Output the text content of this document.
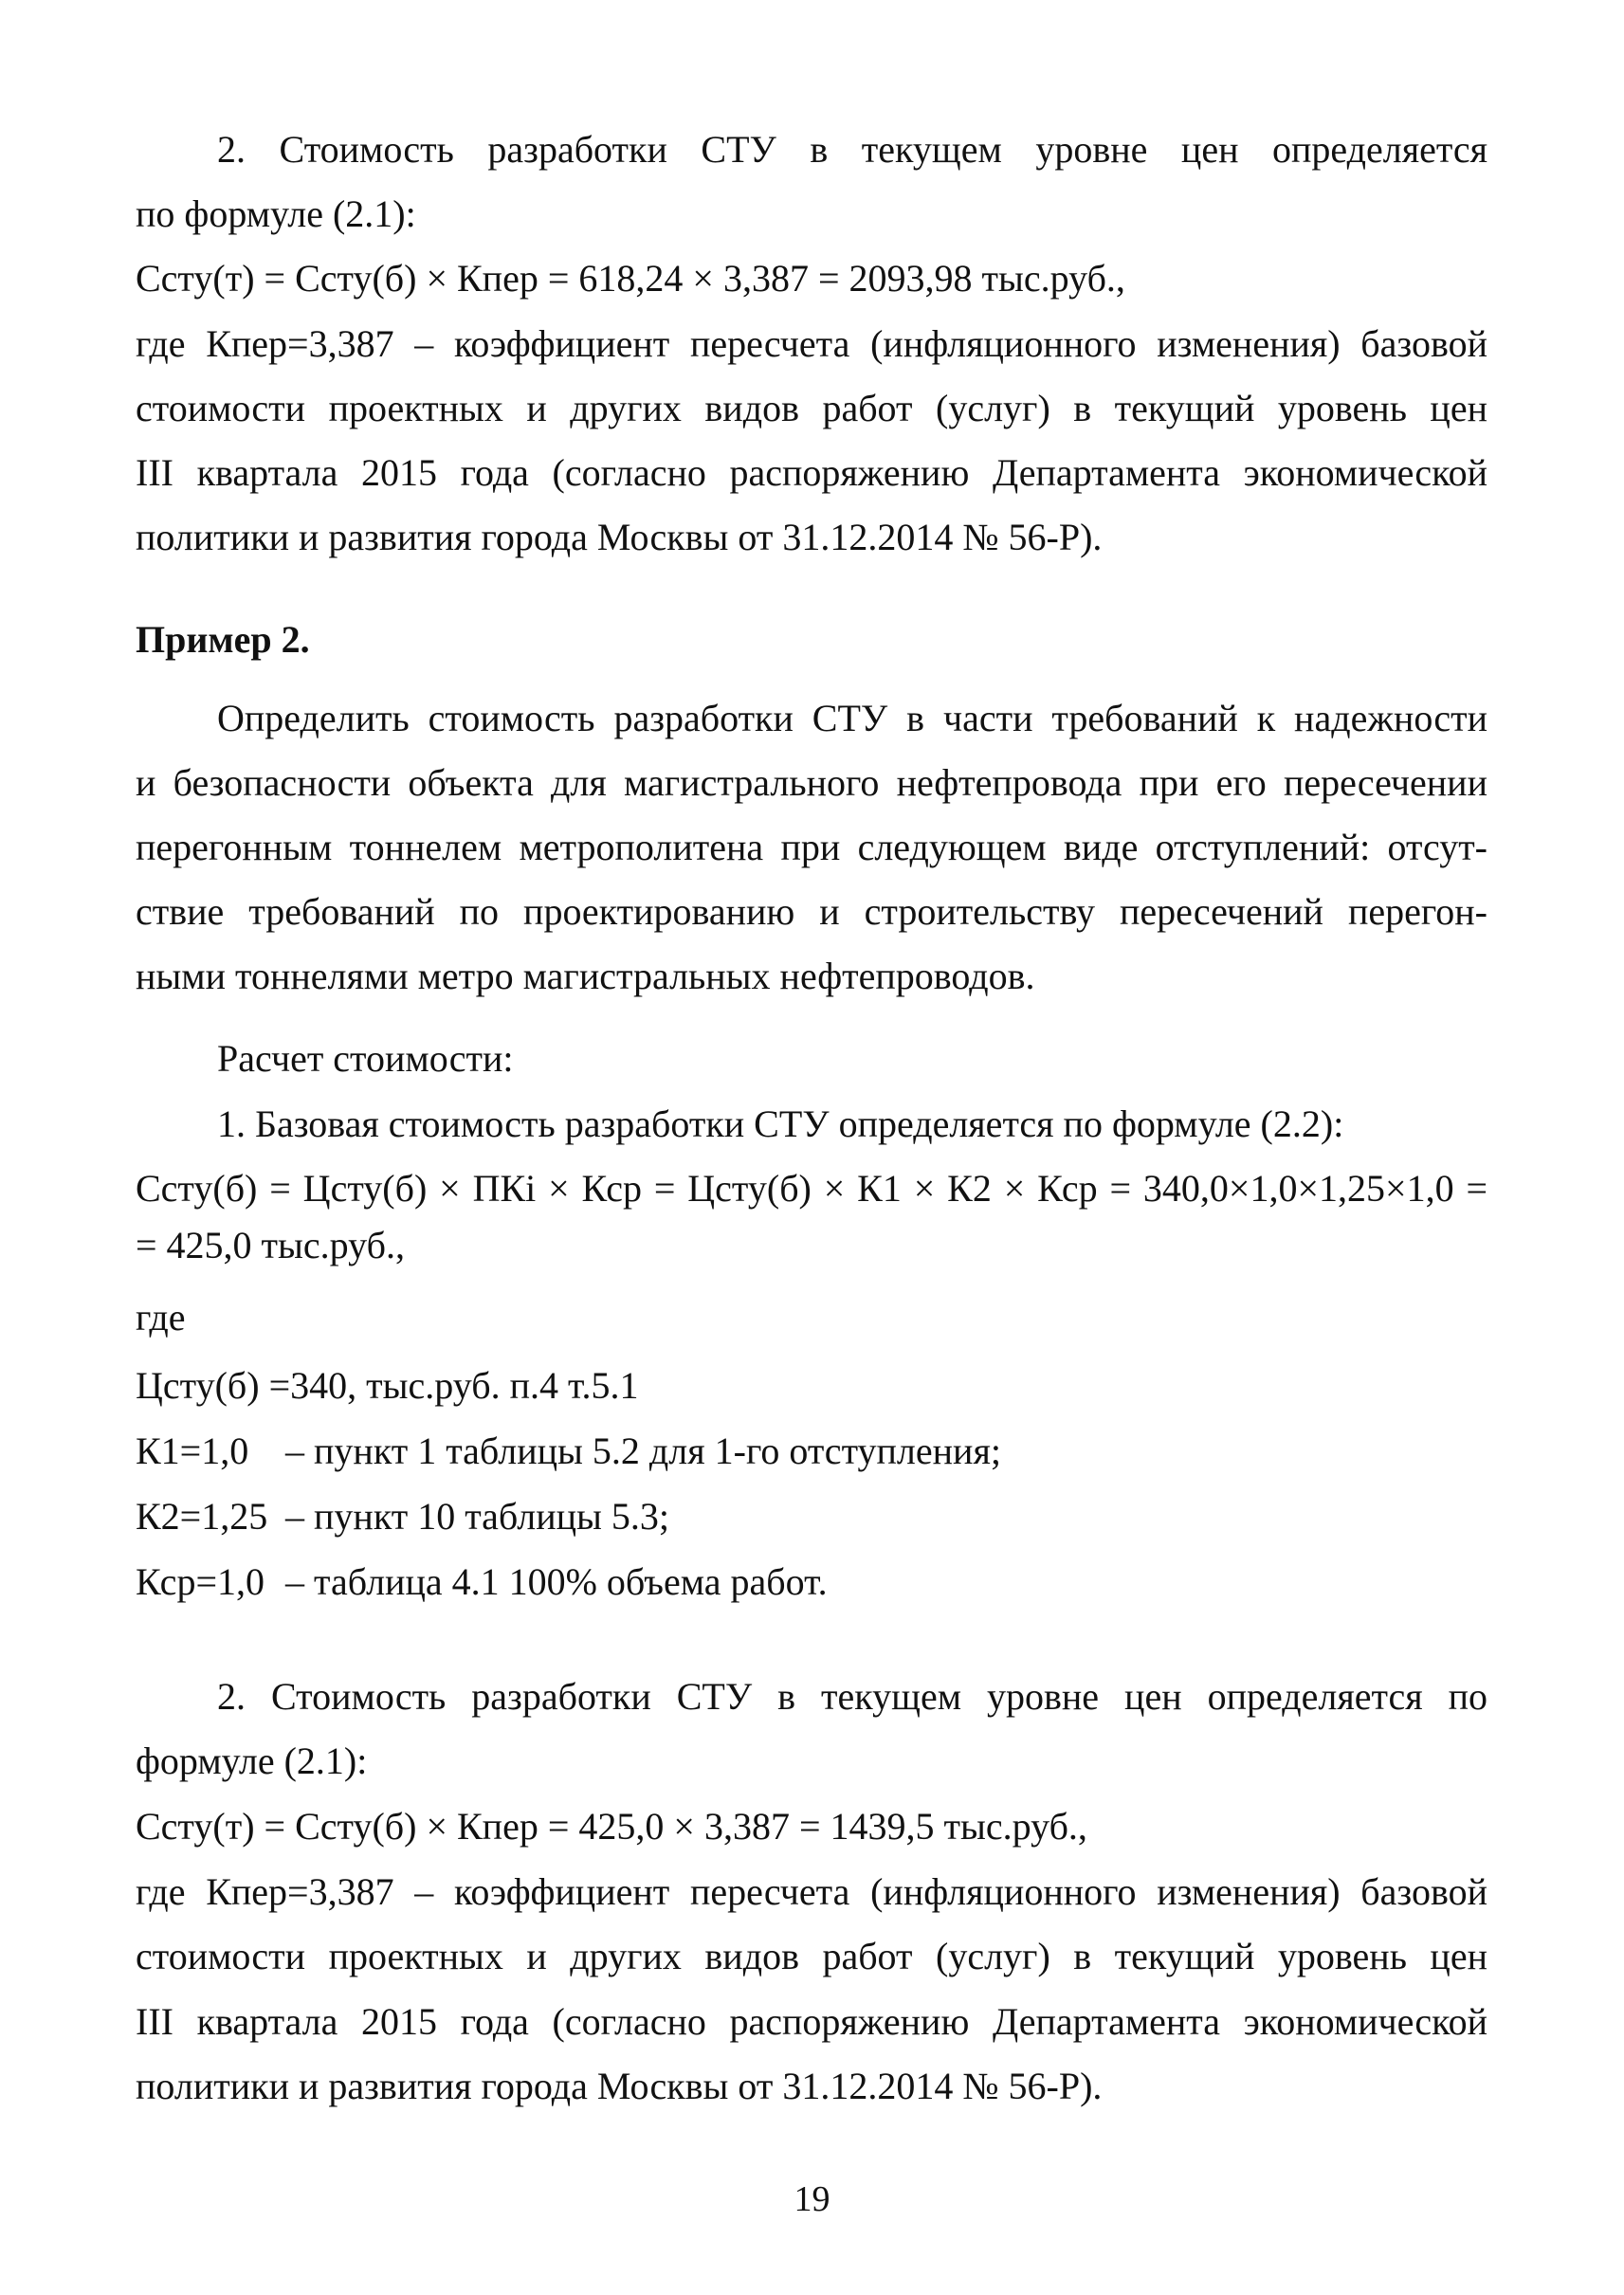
2. Стоимость разработки СТУ в текущем уровне цен определяется
по формуле (2.1):
Сcту(т) = Сcту(б) × Кпер = 618,24 × 3,387 = 2093,98 тыс.руб.,
где Кпер=3,387 – коэффициент пересчета (инфляционного изменения) базовой
стоимости проектных и других видов работ (услуг) в текущий уровень цен
III квартала 2015 года (согласно распоряжению Департамента экономической
политики и развития города Москвы от 31.12.2014 № 56-Р).
Пример 2.
Определить стоимость разработки СТУ в части требований к надежности
и безопасности объекта для магистрального нефтепровода при его пересечении
перегонным тоннелем метрополитена при следующем виде отступлений: отсут-
ствие требований по проектированию и строительству пересечений перегон-
ными тоннелями метро магистральных нефтепроводов.
Расчет стоимости:
1. Базовая стоимость разработки СТУ определяется по формуле (2.2):
Сcту(б) = Цcту(б) × ПКi × Кср = Цcту(б) × К1 × К2 × Кср = 340,0×1,0×1,25×1,0 =
= 425,0 тыс.руб.,
где
Цcту(б) =340, тыс.руб. п.4 т.5.1
К1=1,0 – пункт 1 таблицы 5.2 для 1-го отступления;
К2=1,25 – пункт 10 таблицы 5.3;
Кср=1,0 – таблица 4.1 100% объема работ.
2. Стоимость разработки СТУ в текущем уровне цен определяется по
формуле (2.1):
Сcту(т) = Сcту(б) × Кпер = 425,0 × 3,387 = 1439,5 тыс.руб.,
где Кпер=3,387 – коэффициент пересчета (инфляционного изменения) базовой
стоимости проектных и других видов работ (услуг) в текущий уровень цен
III квартала 2015 года (согласно распоряжению Департамента экономической
политики и развития города Москвы от 31.12.2014 № 56-Р).
19
